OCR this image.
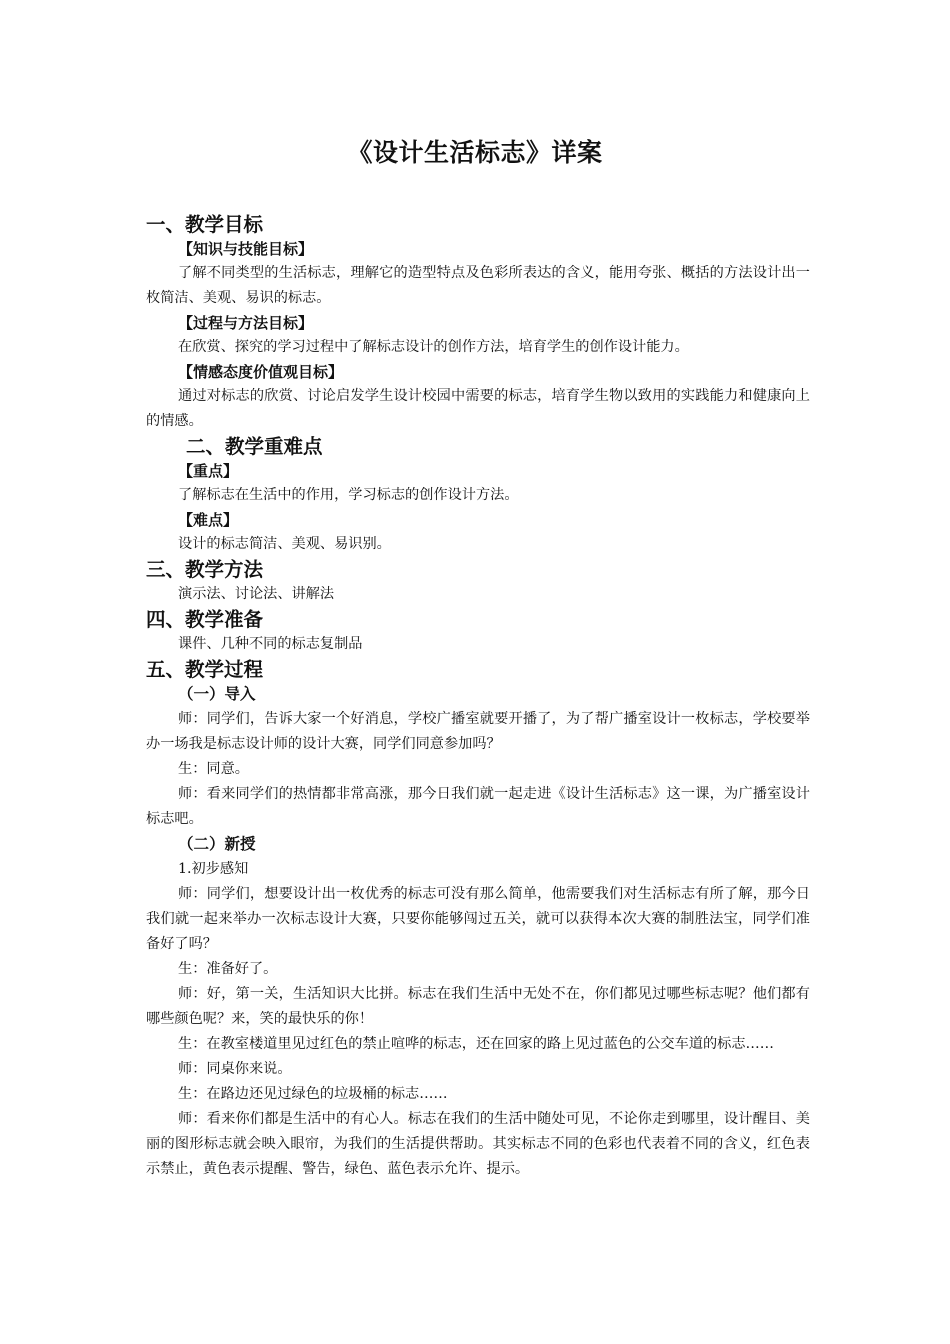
《设计生活标志》详案
一、教学目标
【知识与技能目标】

了解不同类型的生活标志，理解它的造型特点及色彩所表达的含义，能用夸张、概括的方法设计出一枚简洁、美观、易识的标志。

【过程与方法目标】

在欣赏、探究的学习过程中了解标志设计的创作方法，培育学生的创作设计能力。

【情感态度价值观目标】

通过对标志的欣赏、讨论启发学生设计校园中需要的标志，培育学生物以致用的实践能力和健康向上的情感。

二、教学重难点
【重点】

了解标志在生活中的作用，学习标志的创作设计方法。

【难点】

设计的标志简洁、美观、易识别。

三、教学方法

演示法、讨论法、讲解法

四、教学准备

课件、几种不同的标志复制品

五、教学过程
（一）导入

师：同学们，告诉大家一个好消息，学校广播室就要开播了，为了帮广播室设计一枚标志，学校要举办一场我是标志设计师的设计大赛，同学们同意参加吗？

生：同意。

师：看来同学们的热情都非常高涨，那今日我们就一起走进《设计生活标志》这一课，为广播室设计标志吧。

（二）新授

1.初步感知

师：同学们，想要设计出一枚优秀的标志可没有那么简单，他需要我们对生活标志有所了解，那今日我们就一起来举办一次标志设计大赛，只要你能够闯过五关，就可以获得本次大赛的制胜法宝，同学们准备好了吗？

生：准备好了。

师：好，第一关，生活知识大比拼。标志在我们生活中无处不在，你们都见过哪些标志呢？他们都有哪些颜色呢？来，笑的最快乐的你！

生：在教室楼道里见过红色的禁止喧哗的标志，还在回家的路上见过蓝色的公交车道的标志……

师：同桌你来说。

生：在路边还见过绿色的垃圾桶的标志……

师：看来你们都是生活中的有心人。标志在我们的生活中随处可见，不论你走到哪里，设计醒目、美丽的图形标志就会映入眼帘，为我们的生活提供帮助。其实标志不同的色彩也代表着不同的含义，红色表示禁止，黄色表示提醒、警告，绿色、蓝色表示允许、提示。
